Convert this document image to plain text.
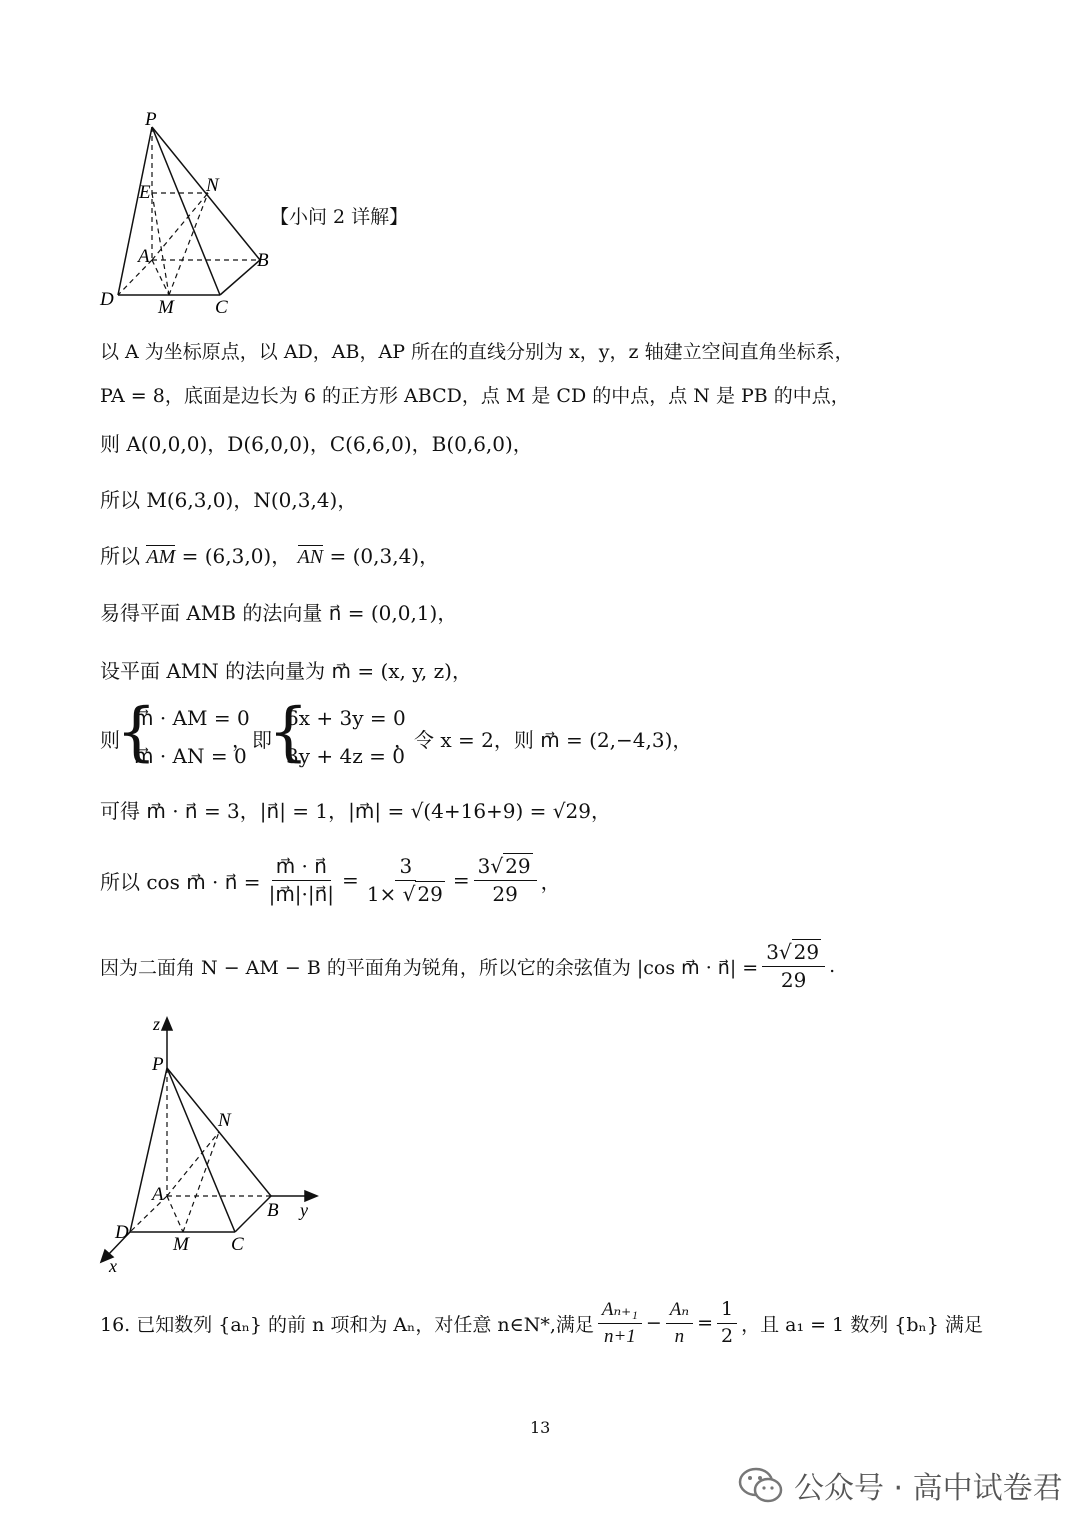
P
E	N
A	B
D M C
【小问 2 详解】
以 A 为坐标原点，以 AD，AB，AP 所在的直线分别为 x，y，z 轴建立空间直角坐标系，
PA = 8，底面是边长为 6 的正方形 ABCD，点 M 是 CD 的中点，点 N 是 PB 的中点，
则 A(0,0,0)，D(6,0,0)，C(6,6,0)，B(0,6,0)，
所以 M(6,3,0)，N(0,3,4)，
所以 AM = (6,3,0)， AN = (0,3,4)，
易得平面 AMB 的法向量 n⃗ = (0,0,1)，
设平面 AMN 的法向量为 m⃗ = (x, y, z)，
则
{
m⃗ · AM = 0
m⃗ · AN = 0
，即
{
6x + 3y = 0
3y + 4z = 0
，令 x = 2，则 m⃗ = (2,−4,3)，
可得 m⃗ · n⃗ = 3，|n⃗| = 1，|m⃗| = √(4+16+9) = √29，
所以 cos m⃗ · n⃗ = $\frac{m⃗ \cdot n⃗}{|m⃗|\cdot|n⃗|} = \frac{3}{1\times √ 29} = \frac{3√ 29}{29}$ ，
因为二面角 N − AM − B 的平面角为锐角，所以它的余弦值为 |cos m⃗ · n⃗| = $\frac{3√ 29}{29}$ .
z
P
N
A
B y
D
M C
x
16. 已知数列 {aₙ} 的前 n 项和为 Aₙ，对任意 n∈N*,满足 $\frac{\text{Aₙ₊₁}}{n+1} - \frac{\text{Aₙ}}{n} = \frac{1}{2}$ ，且 a₁ = 1 数列 {bₙ} 满足
13
公众号 · 高中试卷君
